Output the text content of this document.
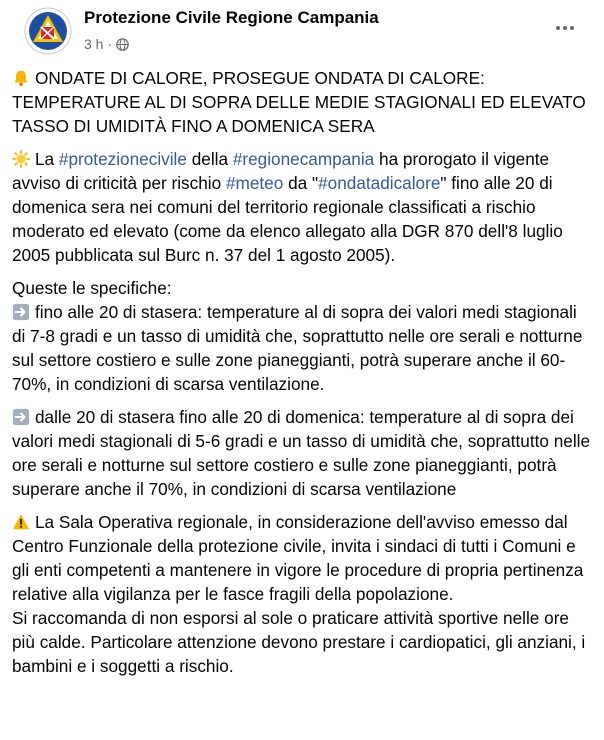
Protezione Civile Regione Campania
3 h ·

ONDATE DI CALORE, PROSEGUE ONDATA DI CALORE: TEMPERATURE AL DI SOPRA DELLE MEDIE STAGIONALI ED ELEVATO TASSO DI UMIDITÀ FINO A DOMENICA SERA

La #protezionecivile della #regionecampania ha prorogato il vigente avviso di criticità per rischio #meteo da "#ondatadicalore" fino alle 20 di domenica sera nei comuni del territorio regionale classificati a rischio moderato ed elevato (come da elenco allegato alla DGR 870 dell'8 luglio 2005 pubblicata sul Burc n. 37 del 1 agosto 2005).

Queste le specifiche:
fino alle 20 di stasera: temperature al di sopra dei valori medi stagionali di 7-8 gradi e un tasso di umidità che, soprattutto nelle ore serali e notturne sul settore costiero e sulle zone pianeggianti, potrà superare anche il 60-70%, in condizioni di scarsa ventilazione.

dalle 20 di stasera fino alle 20 di domenica: temperature al di sopra dei valori medi stagionali di 5-6 gradi e un tasso di umidità che, soprattutto nelle ore serali e notturne sul settore costiero e sulle zone pianeggianti, potrà superare anche il 70%, in condizioni di scarsa ventilazione

La Sala Operativa regionale, in considerazione dell'avviso emesso dal Centro Funzionale della protezione civile, invita i sindaci di tutti i Comuni e gli enti competenti a mantenere in vigore le procedure di propria pertinenza relative alla vigilanza per le fasce fragili della popolazione.
Si raccomanda di non esporsi al sole o praticare attività sportive nelle ore più calde. Particolare attenzione devono prestare i cardiopatici, gli anziani, i bambini e i soggetti a rischio.
